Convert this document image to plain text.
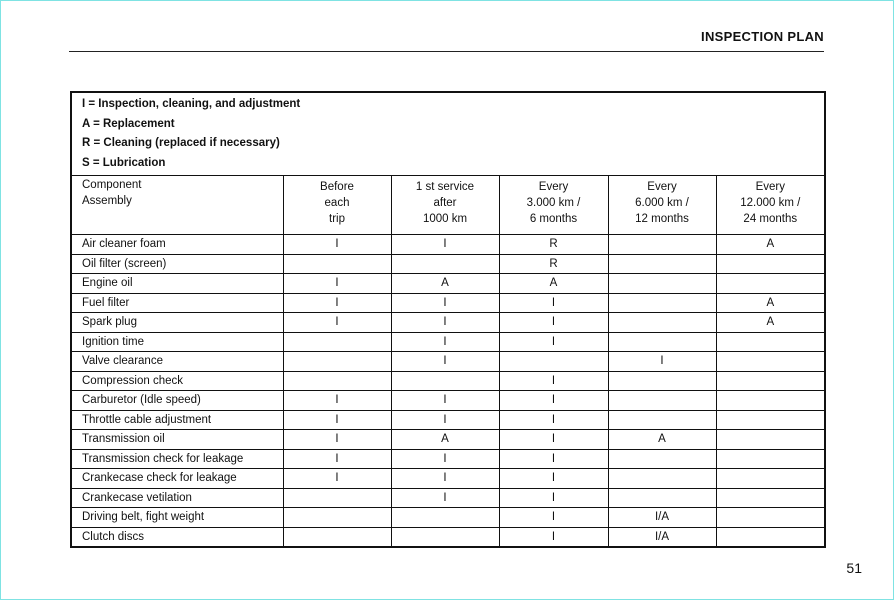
INSPECTION PLAN
I = Inspection, cleaning, and adjustment
A = Replacement
R = Cleaning (replaced if necessary)
S = Lubrication					

Component
Assembly	Before
each
trip	1 st service
after
1000 km	Every
3.000 km /
6 months	Every
6.000 km /
12 months	Every
12.000 km /
24 months

Air cleaner foam	I	I	R		A
Oil filter (screen)			R		
Engine oil	I	A	A		
Fuel filter	I	I	I		A
Spark plug	I	I	I		A
Ignition time		I	I		
Valve clearance		I		I	
Compression check			I		
Carburetor (Idle speed)	I	I	I		
Throttle cable adjustment	I	I	I		
Transmission oil	I	A	I	A	
Transmission check for leakage	I	I	I		
Crankecase check for leakage	I	I	I		
Crankecase vetilation		I	I		
Driving belt, fight weight			I	I/A	
Clutch discs			I	I/A	
51
